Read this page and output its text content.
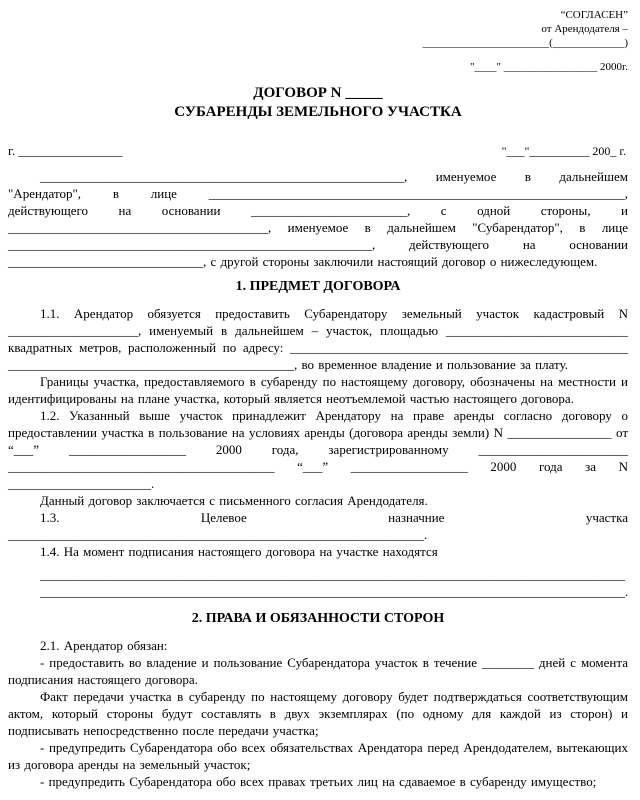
“СОГЛАСЕН”
от Арендодателя –
_______________________(_____________)
"____" _________________ 2000г.
ДОГОВОР N _____
СУБАРЕНДЫ ЗЕМЕЛЬНОГО УЧАСТКА
г. ________________	"___"__________ 200_ г.

________________________________________________________, именуемое в дальнейшем "Арендатор", в лице ________________________________________________________________, действующего на основании ________________________, с одной стороны, и ________________________________________, именуемое в дальнейшем "Субарендатор", в лице ________________________________________________________, действующего на основании ______________________________, с другой стороны заключили настоящий договор о нижеследующем.

1. ПРЕДМЕТ ДОГОВОРА

1.1. Арендатор обязуется предоставить Субарендатору земельный участок кадастровый N ____________________, именуемый в дальнейшем – участок, площадью ____________________________ квадратных метров, расположенный по адресу: ____________________________________________________ ____________________________________________, во временное владение и пользование за плату.

Границы участка, предоставляемого в субаренду по настоящему договору, обозначены на местности и идентифицированы на плане участка, который является неотъемлемой частью настоящего договора.

1.2. Указанный выше участок принадлежит Арендатору на праве аренды согласно договору о предоставлении участка в пользование на условиях аренды (договора аренды земли) N ________________ от “___” __________________ 2000 года, зарегистрированному _______________________ _________________________________________ “___” __________________ 2000 года за N ______________________.

Данный договор заключается с письменного согласия Арендодателя.

1.3. Целевое назначние участка ________________________________________________________________.

1.4. На момент подписания настоящего договора на участке находятся

__________________________________________________________________________________________
__________________________________________________________________________________________.
2. ПРАВА И ОБЯЗАННОСТИ СТОРОН

2.1. Арендатор обязан:

- предоставить во владение и пользование Субарендатора участок в течение ________ дней с момента подписания настоящего договора.

Факт передачи участка в субаренду по настоящему договору будет подтверждаться соответствующим актом, который стороны будут составлять в двух экземплярах (по одному для каждой из сторон) и подписывать непосредственно после передачи участка;

- предупредить Субарендатора обо всех обязательствах Арендатора перед Арендодателем, вытекающих из договора аренды на земельный участок;

- предупредить Субарендатора обо всех правах третьих лиц на сдаваемое в субаренду имущество;
